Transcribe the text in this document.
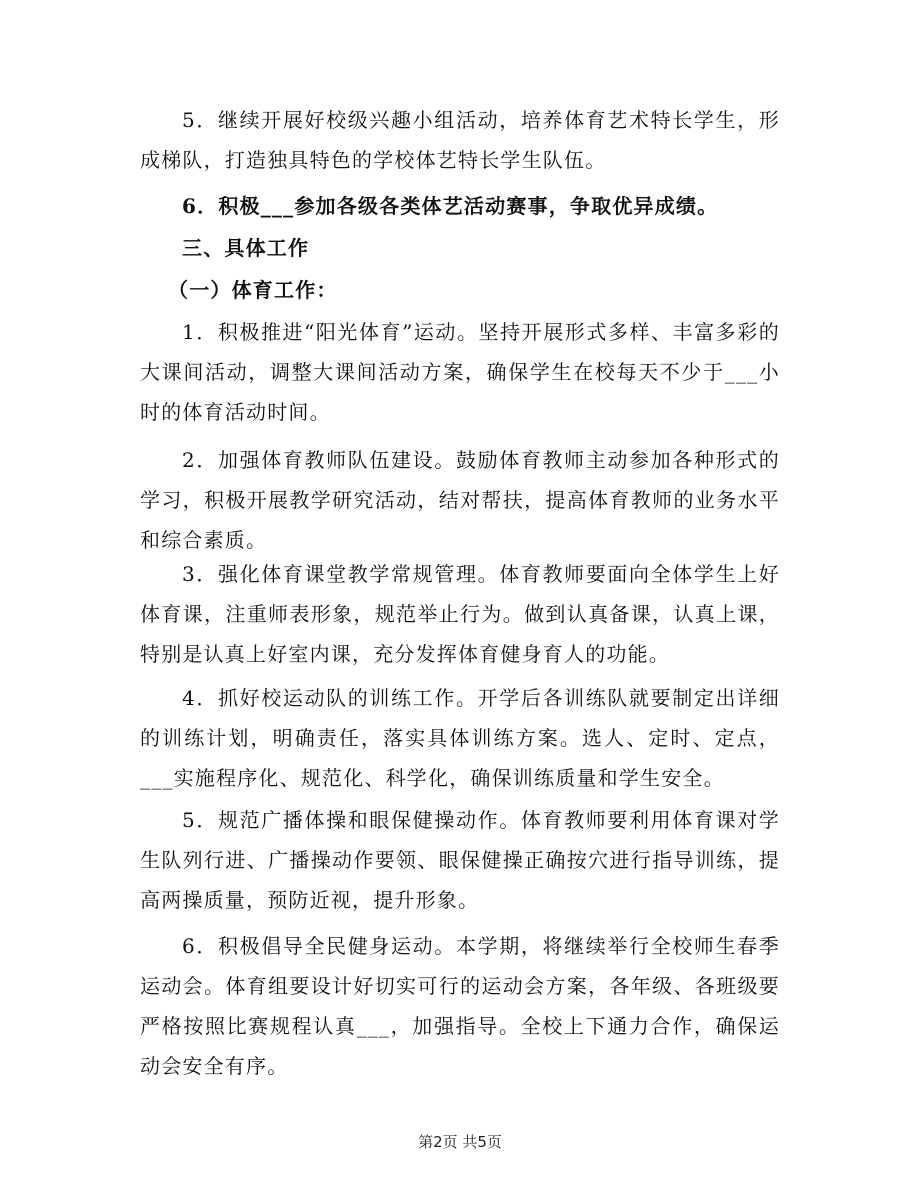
5．继续开展好校级兴趣小组活动，培养体育艺术特长学生，形成梯队，打造独具特色的学校体艺特长学生队伍。

6．积极___参加各级各类体艺活动赛事，争取优异成绩。

三、具体工作

（一）体育工作：

1．积极推进“阳光体育”运动。坚持开展形式多样、丰富多彩的大课间活动，调整大课间活动方案，确保学生在校每天不少于___小时的体育活动时间。

2．加强体育教师队伍建设。鼓励体育教师主动参加各种形式的学习，积极开展教学研究活动，结对帮扶，提高体育教师的业务水平和综合素质。

3．强化体育课堂教学常规管理。体育教师要面向全体学生上好体育课，注重师表形象，规范举止行为。做到认真备课，认真上课，特别是认真上好室内课，充分发挥体育健身育人的功能。

4．抓好校运动队的训练工作。开学后各训练队就要制定出详细的训练计划，明确责任，落实具体训练方案。选人、定时、定点，___实施程序化、规范化、科学化，确保训练质量和学生安全。

5．规范广播体操和眼保健操动作。体育教师要利用体育课对学生队列行进、广播操动作要领、眼保健操正确按穴进行指导训练，提高两操质量，预防近视，提升形象。

6．积极倡导全民健身运动。本学期，将继续举行全校师生春季运动会。体育组要设计好切实可行的运动会方案，各年级、各班级要严格按照比赛规程认真___，加强指导。全校上下通力合作，确保运动会安全有序。

第2页 共5页
